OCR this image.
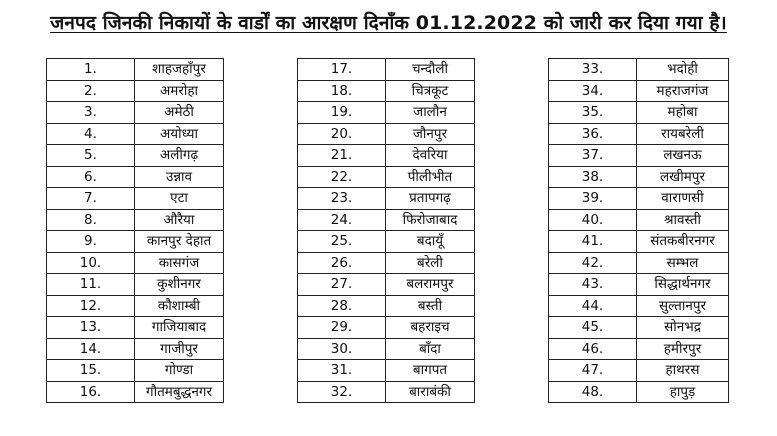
जनपद जिनकी निकायों के वार्डों का आरक्षण दिनाँक 01.12.2022 को जारी कर दिया गया है।
1.	शाहजहाँपुर
2.	अमरोहा
3.	अमेठी
4.	अयोध्या
5.	अलीगढ़
6.	उन्नाव
7.	एटा
8.	औरैया
9.	कानपुर देहात
10.	कासगंज
11.	कुशीनगर
12.	कौशाम्बी
13.	गाजियाबाद
14.	गाजीपुर
15.	गोण्डा
16.	गौतमबुद्धनगर
17.	चन्दौली
18.	चित्रकूट
19.	जालौन
20.	जौनपुर
21.	देवरिया
22.	पीलीभीत
23.	प्रतापगढ़
24.	फिरोजाबाद
25.	बदायूँ
26.	बरेली
27.	बलरामपुर
28.	बस्ती
29.	बहराइच
30.	बाँदा
31.	बागपत
32.	बाराबंकी
33.	भदोही
34.	महराजगंज
35.	महोबा
36.	रायबरेली
37.	लखनऊ
38.	लखीमपुर
39.	वाराणसी
40.	श्रावस्ती
41.	संतकबीरनगर
42.	सम्भल
43.	सिद्धार्थनगर
44.	सुल्तानपुर
45.	सोनभद्र
46.	हमीरपुर
47.	हाथरस
48.	हापुड़
